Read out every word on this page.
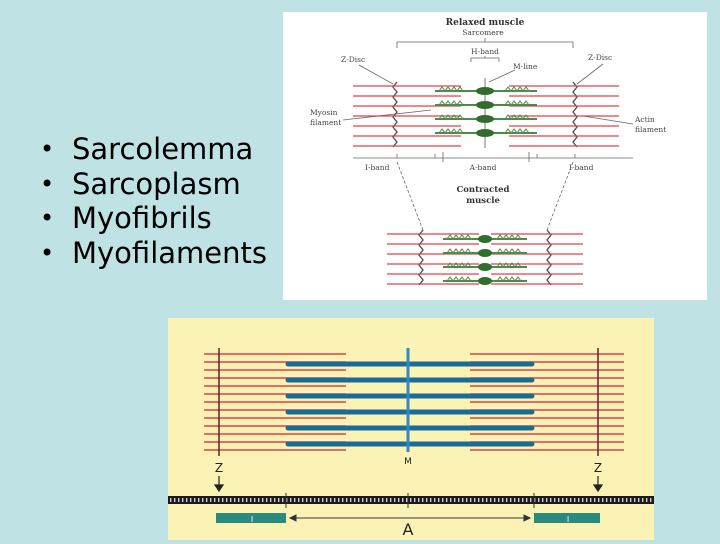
• Sarcolemma
• Sarcoplasm
• Myofibrils
• Myofilaments
Relaxed muscle
Sarcomere
H-band
M-line
Z-Disc	Z-Disc
Myosin
filament	Actin
filament
I-band	A-band	I-band
Contracted
muscle
Z	M	Z
I	I
A
